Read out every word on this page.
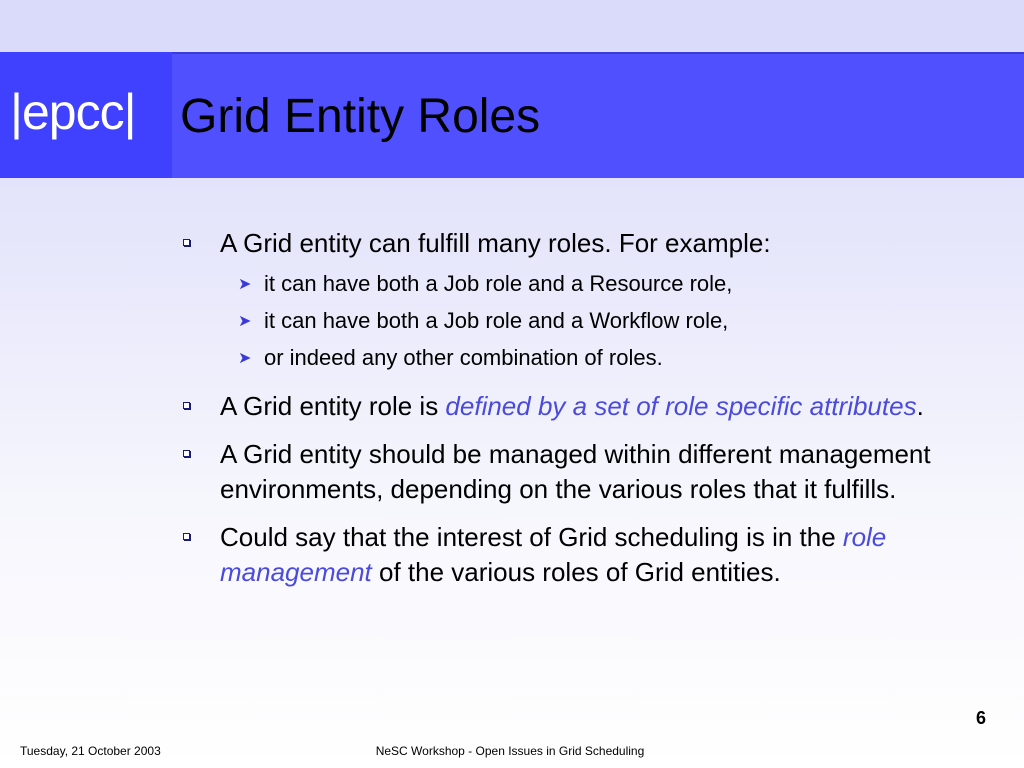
|epcc| Grid Entity Roles
A Grid entity can fulfill many roles. For example:
➤ it can have both a Job role and a Resource role,
➤ it can have both a Job role and a Workflow role,
➤ or indeed any other combination of roles.
A Grid entity role is defined by a set of role specific attributes.
A Grid entity should be managed within different management environments, depending on the various roles that it fulfills.
Could say that the interest of Grid scheduling is in the role management of the various roles of Grid entities.
6
Tuesday, 21 October 2003	NeSC Workshop - Open Issues in Grid Scheduling
